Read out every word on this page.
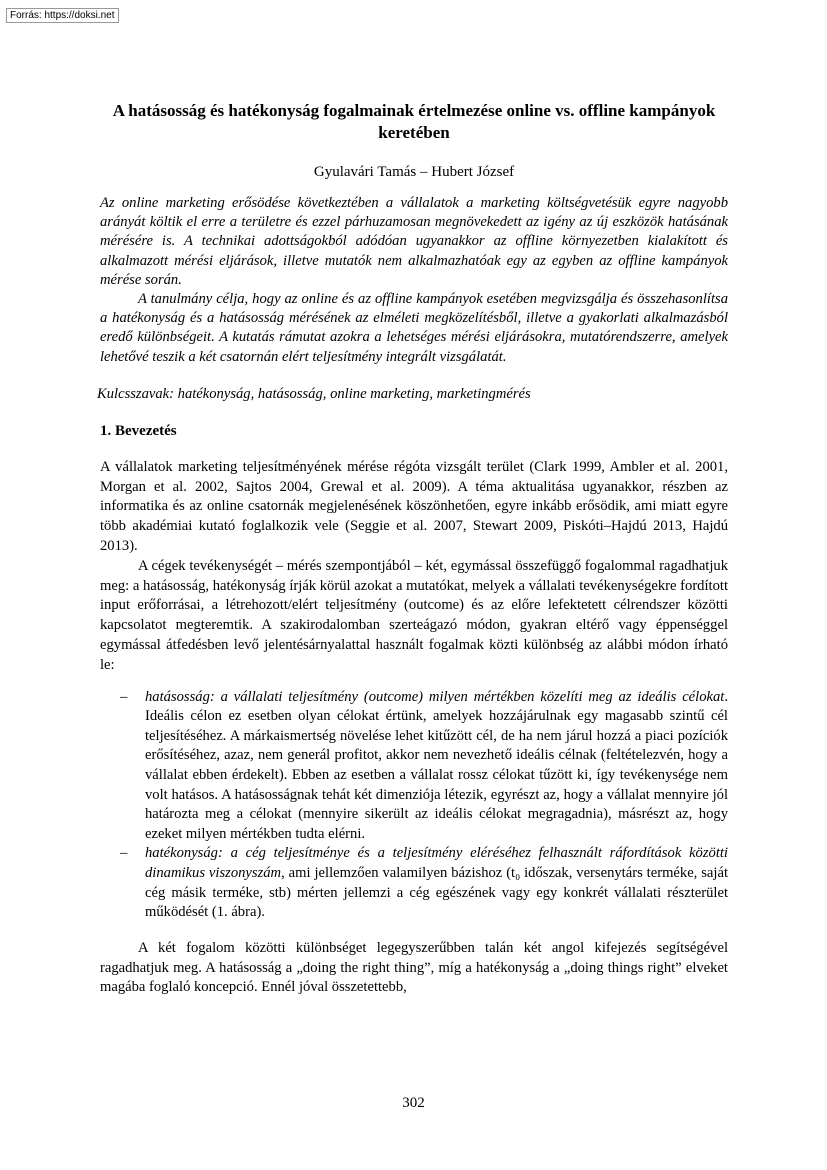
Forrás: https://doksi.net
A hatásosság és hatékonyság fogalmainak értelmezése online vs. offline kampányok keretében
Gyulavári Tamás – Hubert József

Az online marketing erősödése következtében a vállalatok a marketing költségvetésük egyre nagyobb arányát költik el erre a területre és ezzel párhuzamosan megnövekedett az igény az új eszközök hatásának mérésére is. A technikai adottságokból adódóan ugyanakkor az offline környezetben kialakított és alkalmazott mérési eljárások, illetve mutatók nem alkalmazhatóak egy az egyben az offline kampányok mérése során.

A tanulmány célja, hogy az online és az offline kampányok esetében megvizsgálja és összehasonlítsa a hatékonyság és a hatásosság mérésének az elméleti megközelítésből, illetve a gyakorlati alkalmazásból eredő különbségeit. A kutatás rámutat azokra a lehetséges mérési eljárásokra, mutatórendszerre, amelyek lehetővé teszik a két csatornán elért teljesítmény integrált vizsgálatát.

Kulcsszavak: hatékonyság, hatásosság, online marketing, marketingmérés
1. Bevezetés

A vállalatok marketing teljesítményének mérése régóta vizsgált terület (Clark 1999, Ambler et al. 2001, Morgan et al. 2002, Sajtos 2004, Grewal et al. 2009). A téma aktualitása ugyanakkor, részben az informatika és az online csatornák megjelenésének köszönhetően, egyre inkább erősödik, ami miatt egyre több akadémiai kutató foglalkozik vele (Seggie et al. 2007, Stewart 2009, Piskóti–Hajdú 2013, Hajdú 2013).

A cégek tevékenységét – mérés szempontjából – két, egymással összefüggő fogalommal ragadhatjuk meg: a hatásosság, hatékonyság írják körül azokat a mutatókat, melyek a vállalati tevékenységekre fordított input erőforrásai, a létrehozott/elért teljesítmény (outcome) és az előre lefektetett célrendszer közötti kapcsolatot megteremtik. A szakirodalomban szerteágazó módon, gyakran eltérő vagy éppenséggel egymással átfedésben levő jelentésárnyalattal használt fogalmak közti különbség az alábbi módon írható le:

– hatásosság: a vállalati teljesítmény (outcome) milyen mértékben közelíti meg az ideális célokat. Ideális célon ez esetben olyan célokat értünk, amelyek hozzájárulnak egy magasabb szintű cél teljesítéséhez. A márkaismertség növelése lehet kitűzött cél, de ha nem járul hozzá a piaci pozíciók erősítéséhez, azaz, nem generál profitot, akkor nem nevezhető ideális célnak (feltételezvén, hogy a vállalat ebben érdekelt). Ebben az esetben a vállalat rossz célokat tűzött ki, így tevékenysége nem volt hatásos. A hatásosságnak tehát két dimenziója létezik, egyrészt az, hogy a vállalat mennyire jól határozta meg a célokat (mennyire sikerült az ideális célokat megragadnia), másrészt az, hogy ezeket milyen mértékben tudta elérni.
– hatékonyság: a cég teljesítménye és a teljesítmény eléréséhez felhasznált ráfordítások közötti dinamikus viszonyszám, ami jellemzően valamilyen bázishoz (t₀ időszak, versenytárs terméke, saját cég másik terméke, stb) mérten jellemzi a cég egészének vagy egy konkrét vállalati részterület működését (1. ábra).
A két fogalom közötti különbséget legegyszerűbben talán két angol kifejezés segítségével ragadhatjuk meg. A hatásosság a „doing the right thing”, míg a hatékonyság a „doing things right” elveket magába foglaló koncepció. Ennél jóval összetettebb,
302
